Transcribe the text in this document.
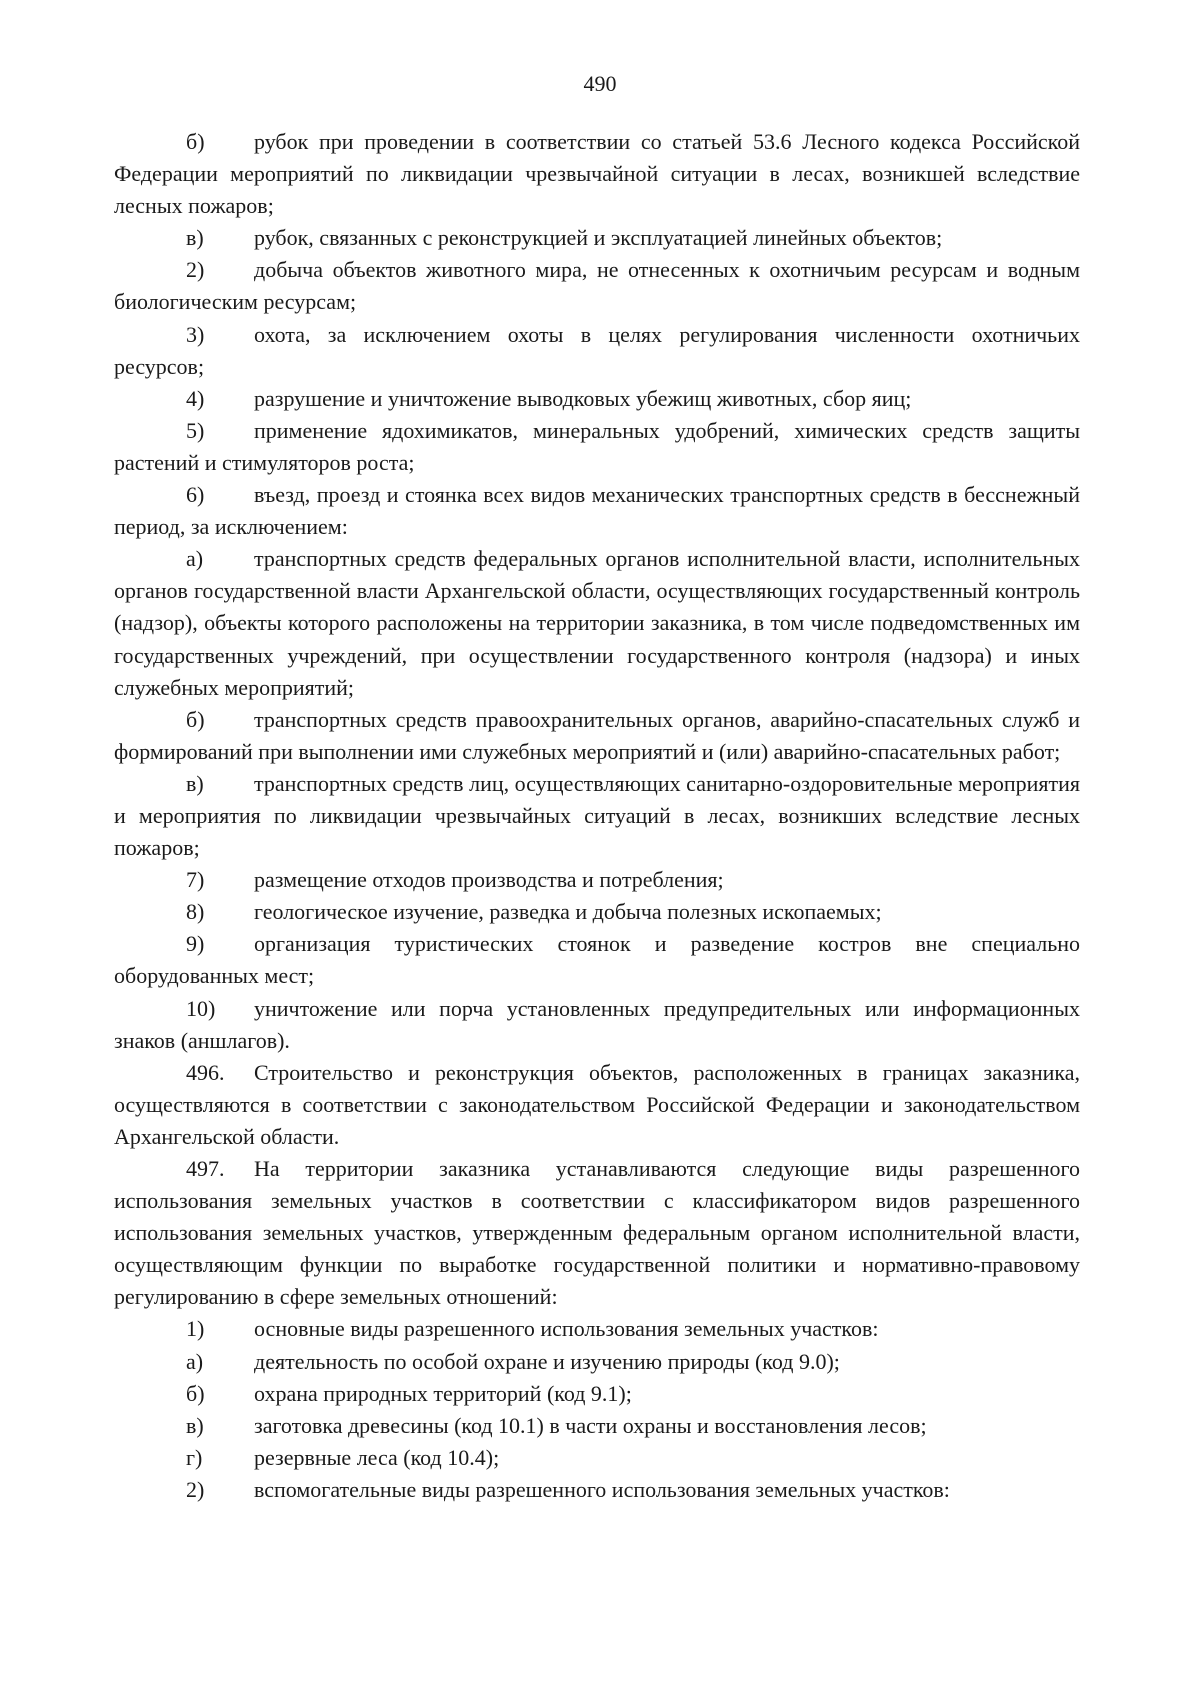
490

б) рубок при проведении в соответствии со статьей 53.6 Лесного кодекса Российской Федерации мероприятий по ликвидации чрезвычайной ситуации в лесах, возникшей вследствие лесных пожаров;

в) рубок, связанных с реконструкцией и эксплуатацией линейных объектов;

2) добыча объектов животного мира, не отнесенных к охотничьим ресурсам и водным биологическим ресурсам;

3) охота, за исключением охоты в целях регулирования численности охотничьих ресурсов;

4) разрушение и уничтожение выводковых убежищ животных, сбор яиц;

5) применение ядохимикатов, минеральных удобрений, химических средств защиты растений и стимуляторов роста;

6) въезд, проезд и стоянка всех видов механических транспортных средств в бесснежный период, за исключением:

а) транспортных средств федеральных органов исполнительной власти, исполнительных органов государственной власти Архангельской области, осуществляющих государственный контроль (надзор), объекты которого расположены на территории заказника, в том числе подведомственных им государственных учреждений, при осуществлении государственного контроля (надзора) и иных служебных мероприятий;

б) транспортных средств правоохранительных органов, аварийно-спасательных служб и формирований при выполнении ими служебных мероприятий и (или) аварийно-спасательных работ;

в) транспортных средств лиц, осуществляющих санитарно-оздоровительные мероприятия и мероприятия по ликвидации чрезвычайных ситуаций в лесах, возникших вследствие лесных пожаров;

7) размещение отходов производства и потребления;

8) геологическое изучение, разведка и добыча полезных ископаемых;

9) организация туристических стоянок и разведение костров вне специально оборудованных мест;

10) уничтожение или порча установленных предупредительных или информационных знаков (аншлагов).

496. Строительство и реконструкция объектов, расположенных в границах заказника, осуществляются в соответствии с законодательством Российской Федерации и законодательством Архангельской области.

497. На территории заказника устанавливаются следующие виды разрешенного использования земельных участков в соответствии с классификатором видов разрешенного использования земельных участков, утвержденным федеральным органом исполнительной власти, осуществляющим функции по выработке государственной политики и нормативно-правовому регулированию в сфере земельных отношений:

1) основные виды разрешенного использования земельных участков:

а) деятельность по особой охране и изучению природы (код 9.0);

б) охрана природных территорий (код 9.1);

в) заготовка древесины (код 10.1) в части охраны и восстановления лесов;

г) резервные леса (код 10.4);

2) вспомогательные виды разрешенного использования земельных участков:
